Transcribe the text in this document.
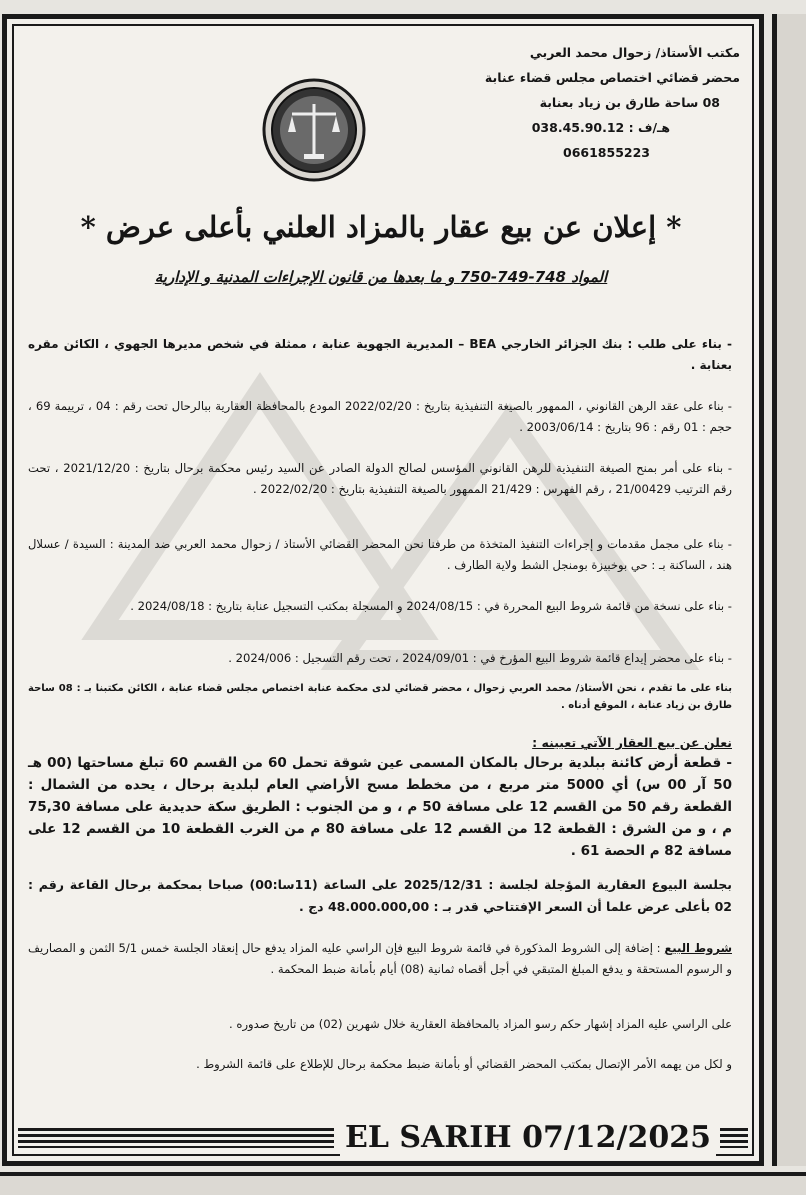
مكتب الأستاذ/ زحوال محمد العربي
محضر قضائي اختصاص مجلس قضاء عنابة
08 ساحة طارق بن زياد بعنابة
هـ/ف : 038.45.90.12
0661855223
* إعلان عن بيع عقار بالمزاد العلني بأعلى عرض *
المواد 748-749-750 و ما بعدها من قانون الإجراءات المدنية و الإدارية
- بناء على طلب : بنك الجزائر الخارجي BEA – المديرية الجهوية عنابة ، ممثلة في شخص مديرها الجهوي ، الكائن مقره بعنابة .
- بناء على عقد الرهن القانوني ، الممهور بالصيغة التنفيذية بتاريخ : 2022/02/20 المودع بالمحافظة العقارية ببالرحال تحت رقم : 04 ، ترييمة 69 ، حجم : 01 رقم : 96 بتاريخ : 2003/06/14 .
- بناء على أمر بمنح الصيغة التنفيذية للرهن القانوني المؤسس لصالح الدولة الصادر عن السيد رئيس محكمة برحال بتاريخ : 2021/12/20 ، تحت رقم الترتيب 21/00429 ، رقم الفهرس : 21/429 الممهور بالصيغة التنفيذية بتاريخ : 2022/02/20 .
- بناء على مجمل مقدمات و إجراءات التنفيذ المتخذة من طرفنا نحن المحضر القضائي الأستاذ / زحوال محمد العربي ضد المدينة : السيدة / عسلال هند ، الساكنة بـ : حي بوخبيزة بومنجل الشط ولاية الطارف .
- بناء على نسخة من قائمة شروط البيع المحررة في : 2024/08/15 و المسجلة بمكتب التسجيل عنابة بتاريخ : 2024/08/18 .
- بناء على محضر إيداع قائمة شروط البيع المؤرخ في : 2024/09/01 ، تحت رقم التسجيل : 2024/006 .
بناء على ما تقدم ، نحن الأستاذ/ محمد العربي زحوال ، محضر قضائي لدى محكمة عنابة اختصاص مجلس قضاء عنابة ، الكائن مكتبنا بـ : 08 ساحة طارق بن زياد عنابة ، الموقع أدناه .
نعلن عن بيع العقار الآتي تعيينه :
- قطعة أرض كائنة ببلدية برحال بالمكان المسمى عين شوقة تحمل 60 من القسم 60 تبلغ مساحتها (00 هـ 50 آر 00 س) أي 5000 متر مربع ، من مخطط مسح الأراضي العام لبلدية برحال ، يحده من الشمال : القطعة رقم 50 من القسم 12 على مسافة 50 م ، و من الجنوب : الطريق سكة حديدية على مسافة 75,30 م ، و من الشرق : القطعة 12 من القسم 12 على مسافة 80 م من الغرب القطعة 10 من القسم 12 على مسافة 82 م الحصة 61 .
بجلسة البيوع العقارية المؤجلة لجلسة : 2025/12/31 على الساعة (11سا:00) صباحا بمحكمة برحال القاعة رقم : 02 بأعلى عرض علما أن السعر الإفتتاحي قدر بـ : 48.000.000,00 دج .
شروط البيع : إضافة إلى الشروط المذكورة في قائمة شروط البيع فإن الراسي عليه المزاد يدفع حال إنعقاد الجلسة خمس 5/1 الثمن و المصاريف و الرسوم المستحقة و يدفع المبلغ المتبقي في أجل أقصاه ثمانية (08) أيام بأمانة ضبط المحكمة .
على الراسي عليه المزاد إشهار حكم رسو المزاد بالمحافظة العقارية خلال شهرين (02) من تاريخ صدوره .
و لكل من يهمه الأمر الإتصال بمكتب المحضر القضائي أو بأمانة ضبط محكمة برحال للإطلاع على قائمة الشروط .
EL SARIH 07/12/2025
